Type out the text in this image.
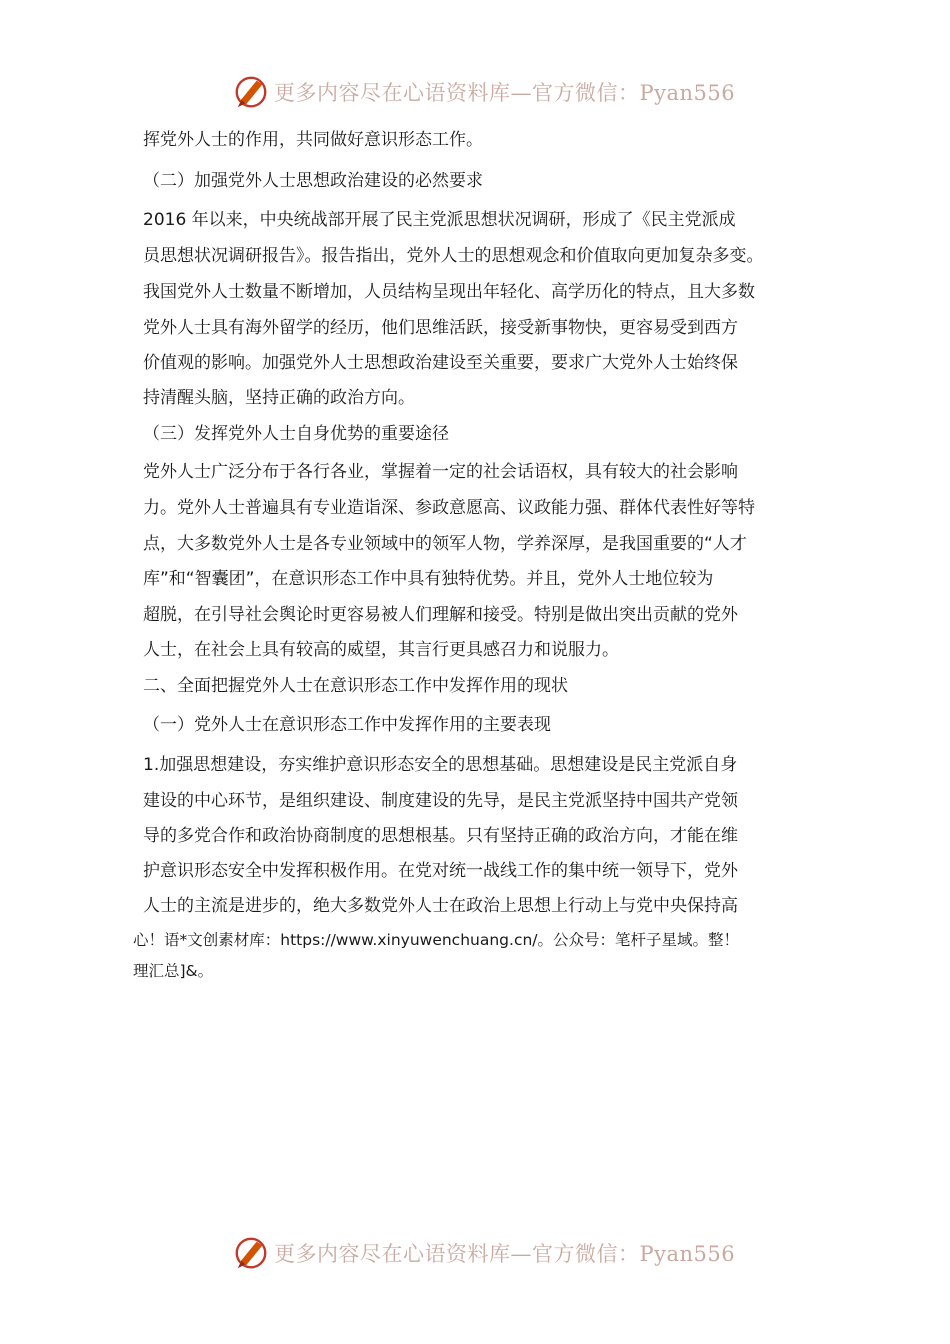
更多内容尽在心语资料库—官方微信：Pyan556
挥党外人士的作用，共同做好意识形态工作。
（二）加强党外人士思想政治建设的必然要求
2016 年以来，中央统战部开展了民主党派思想状况调研，形成了《民主党派成
员思想状况调研报告》。报告指出，党外人士的思想观念和价值取向更加复杂多变。
我国党外人士数量不断增加，人员结构呈现出年轻化、高学历化的特点，且大多数
党外人士具有海外留学的经历，他们思维活跃，接受新事物快，更容易受到西方
价值观的影响。加强党外人士思想政治建设至关重要，要求广大党外人士始终保
持清醒头脑，坚持正确的政治方向。
（三）发挥党外人士自身优势的重要途径
党外人士广泛分布于各行各业，掌握着一定的社会话语权，具有较大的社会影响
力。党外人士普遍具有专业造诣深、参政意愿高、议政能力强、群体代表性好等特
点，大多数党外人士是各专业领域中的领军人物，学养深厚，是我国重要的“人才
库”和“智囊团”，在意识形态工作中具有独特优势。并且，党外人士地位较为
超脱，在引导社会舆论时更容易被人们理解和接受。特别是做出突出贡献的党外
人士，在社会上具有较高的威望，其言行更具感召力和说服力。
二、全面把握党外人士在意识形态工作中发挥作用的现状
（一）党外人士在意识形态工作中发挥作用的主要表现
1.加强思想建设，夯实维护意识形态安全的思想基础。思想建设是民主党派自身
建设的中心环节，是组织建设、制度建设的先导，是民主党派坚持中国共产党领
导的多党合作和政治协商制度的思想根基。只有坚持正确的政治方向，才能在维
护意识形态安全中发挥积极作用。在党对统一战线工作的集中统一领导下，党外
人士的主流是进步的，绝大多数党外人士在政治上思想上行动上与党中央保持高
心！语*文创素材库：https://www.xinyuwenchuang.cn/。公众号：笔杆子星域。整！
理汇总]&。
更多内容尽在心语资料库—官方微信：Pyan556
